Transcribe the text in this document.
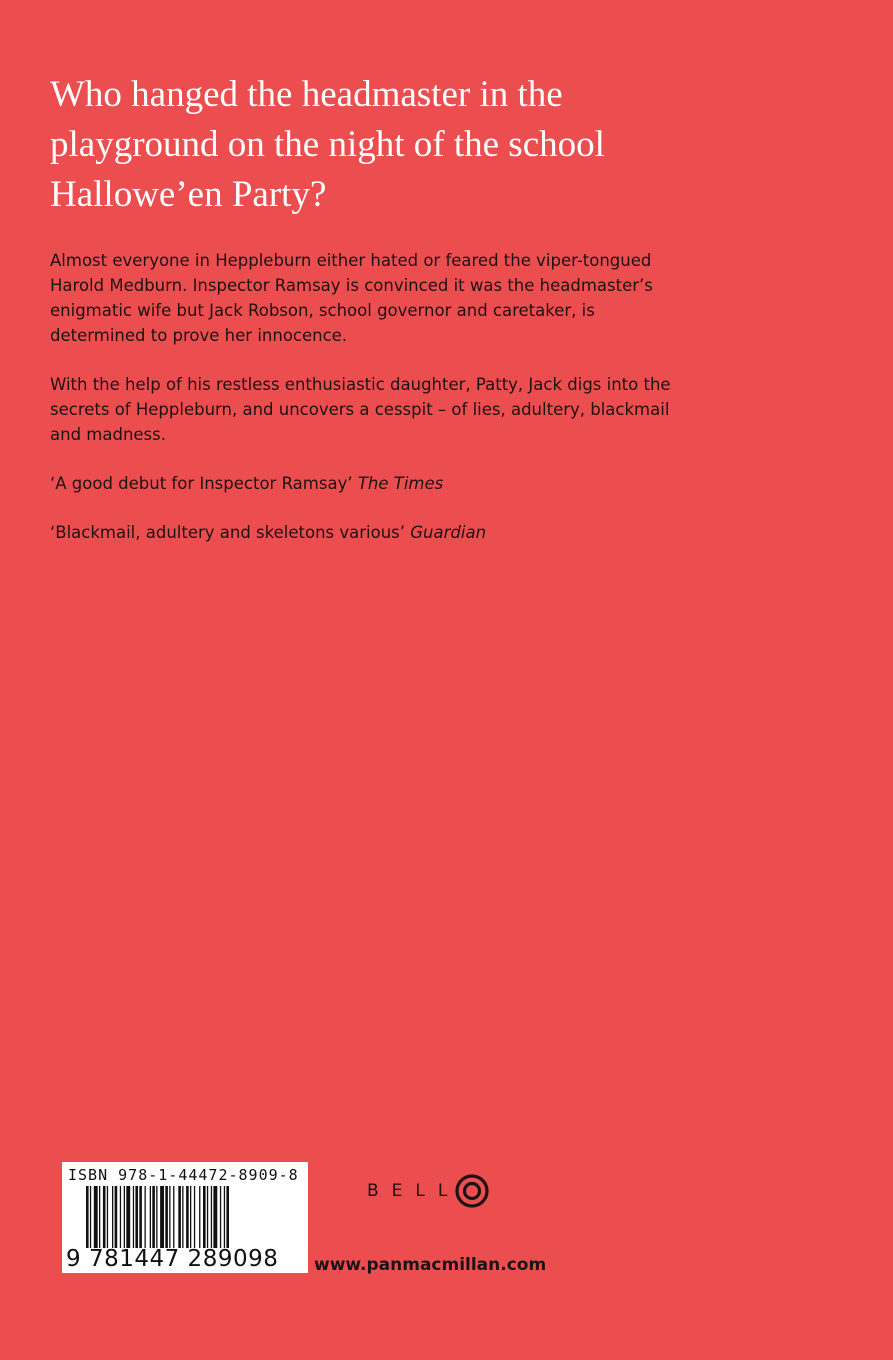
Who hanged the headmaster in the playground on the night of the school Hallowe’en Party?

Almost everyone in Heppleburn either hated or feared the viper-tongued Harold Medburn. Inspector Ramsay is convinced it was the headmaster’s enigmatic wife but Jack Robson, school governor and caretaker, is determined to prove her innocence.

With the help of his restless enthusiastic daughter, Patty, Jack digs into the secrets of Heppleburn, and uncovers a cesspit – of lies, adultery, blackmail and madness.

‘A good debut for Inspector Ramsay’ The Times
‘Blackmail, adultery and skeletons various’ Guardian
ISBN 978-1-44472-8909-8
9 781447 289098
BELL
www.panmacmillan.com
